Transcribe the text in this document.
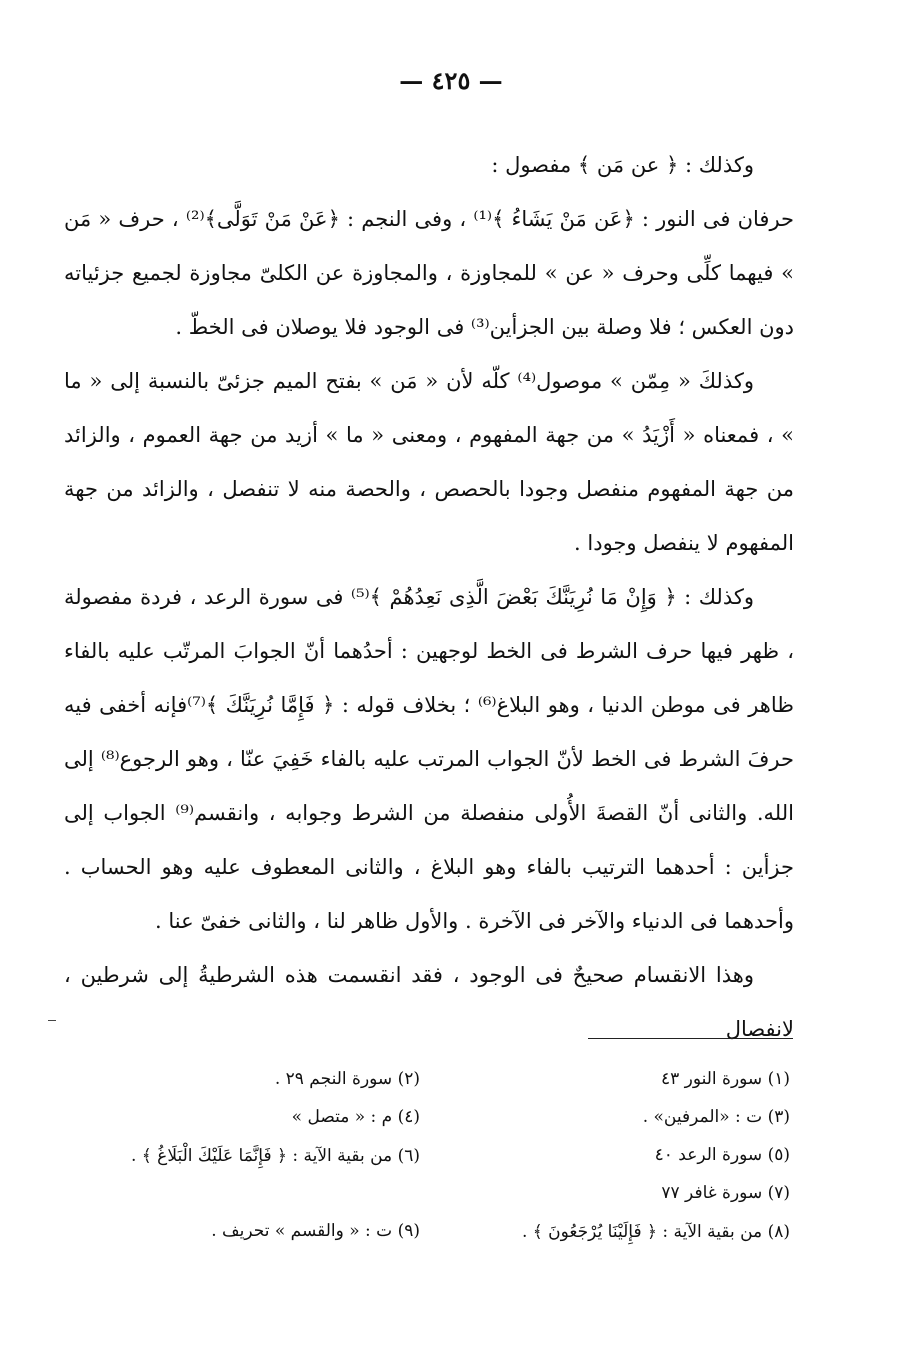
— ٤٢٥ —

وكذلك : ﴿ عن مَن ﴾ مفصول :

حرفان فى النور : ﴿عَن مَنْ يَشَاءُ ﴾⁽¹⁾ ، وفى النجم : ﴿عَنْ مَنْ تَوَلَّى﴾⁽²⁾ ، حرف « مَن » فيهما كلِّى وحرف « عن » للمجاوزة ، والمجاوزة عن الكلىّ مجاوزة لجميع جزئياته دون العكس ؛ فلا وصلة بين الجزأين⁽³⁾ فى الوجود فلا يوصلان فى الخطّ .

وكذلكَ « مِمّن » موصول⁽⁴⁾ كلّه لأن « مَن » بفتح الميم جزئىّ بالنسبة إلى « ما » ، فمعناه « أَزْيَدُ » من جهة المفهوم ، ومعنى « ما » أزيد من جهة العموم ، والزائد من جهة المفهوم منفصل وجودا بالحصص ، والحصة منه لا تنفصل ، والزائد من جهة المفهوم لا ينفصل وجودا .

وكذلك : ﴿ وَإِنْ مَا نُرِيَنَّكَ بَعْضَ الَّذِى نَعِدُهُمْ ﴾⁽⁵⁾ فى سورة الرعد ، فردة مفصولة ، ظهر فيها حرف الشرط فى الخط لوجهين : أحدُهما أنّ الجوابَ المرتّب عليه بالفاء ظاهر فى موطن الدنيا ، وهو البلاغ⁽⁶⁾ ؛ بخلاف قوله : ﴿ فَإِمَّا نُرِيَنَّكَ ﴾⁽⁷⁾فإنه أخفى فيه حرفَ الشرط فى الخط لأنّ الجواب المرتب عليه بالفاء خَفِيَ عنّا ، وهو الرجوع⁽⁸⁾ إلى الله. والثانى أنّ القصةَ الأُولى منفصلة من الشرط وجوابه ، وانقسم⁽⁹⁾ الجواب إلى جزأين : أحدهما الترتيب بالفاء وهو البلاغ ، والثانى المعطوف عليه وهو الحساب . وأحدهما فى الدنياء والآخر فى الآخرة . والأول ظاهر لنا ، والثانى خفىّ عنا .

وهذا الانقسام صحيحٌ فى الوجود ، فقد انقسمت هذه الشرطيةُ إلى شرطين ، لانفصال

(١) سورة النور ٤٣
(٢) سورة النجم ٢٩ .
(٣) ت : «المرفين» .
(٤) م : « متصل »
(٥) سورة الرعد ٤٠
(٦) من بقية الآية : ﴿ فَإِنَّمَا عَلَيْكَ الْبَلَاغُ ﴾ .
(٧) سورة غافر ٧٧
(٨) من بقية الآية : ﴿ فَإِلَيْنَا يُرْجَعُونَ ﴾ .
(٩) ت : « والقسم » تحريف .
